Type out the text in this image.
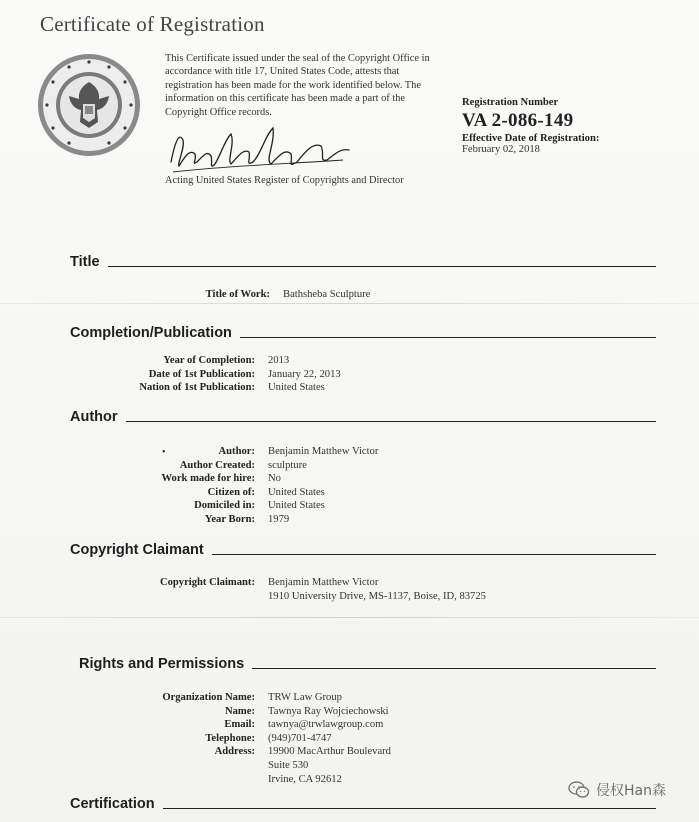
Certificate of Registration
This Certificate issued under the seal of the Copyright Office in accordance with title 17, United States Code, attests that registration has been made for the work identified below. The information on this certificate has been made a part of the Copyright Office records.
Acting United States Register of Copyrights and Director
Registration Number
VA 2-086-149
Effective Date of Registration:
February 02, 2018
Title
Title of Work:	Bathsheba Sculpture
Completion/Publication
Year of Completion:	2013
Date of 1st Publication:	January 22, 2013
Nation of 1st Publication:	United States
Author
•	Author:	Benjamin Matthew Victor
Author Created:	sculpture
Work made for hire:	No
Citizen of:	United States
Domiciled in:	United States
Year Born:	1979
Copyright Claimant
Copyright Claimant:	Benjamin Matthew Victor
1910 University Drive, MS-1137, Boise, ID, 83725
Rights and Permissions
Organization Name:	TRW Law Group
Name:	Tawnya Ray Wojciechowski
Email:	tawnya@trwlawgroup.com
Telephone:	(949)701-4747
Address:	19900 MacArthur Boulevard
Suite 530
Irvine, CA 92612
Certification
侵权Han森
